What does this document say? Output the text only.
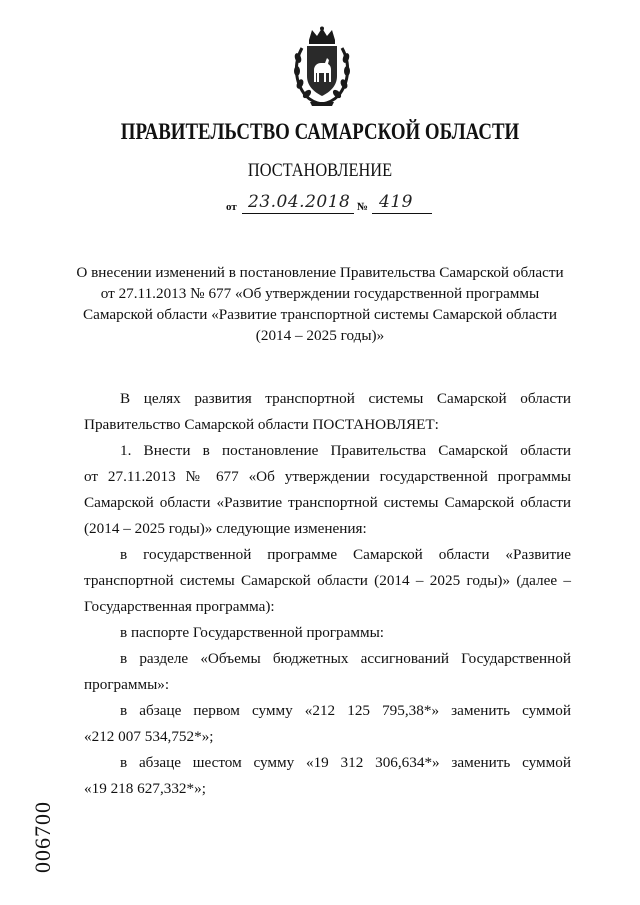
ПРАВИТЕЛЬСТВО САМАРСКОЙ ОБЛАСТИ
ПОСТАНОВЛЕНИЕ
от 23.04.2018 № 419
О внесении изменений в постановление Правительства Самарской области
от 27.11.2013 № 677 «Об утверждении государственной программы
Самарской области «Развитие транспортной системы Самарской области
(2014 – 2025 годы)»
В целях развития транспортной системы Самарской области
Правительство Самарской области ПОСТАНОВЛЯЕТ:
1. Внести в постановление Правительства Самарской области
от 27.11.2013 № 677 «Об утверждении государственной программы
Самарской области «Развитие транспортной системы Самарской области
(2014 – 2025 годы)» следующие изменения:
в государственной программе Самарской области «Развитие
транспортной системы Самарской области (2014 – 2025 годы)» (далее –
Государственная программа):
в паспорте Государственной программы:
в разделе «Объемы бюджетных ассигнований Государственной
программы»:
в абзаце первом сумму «212 125 795,38*» заменить суммой
«212 007 534,752*»;
в абзаце шестом сумму «19 312 306,634*» заменить суммой
«19 218 627,332*»;
006700
